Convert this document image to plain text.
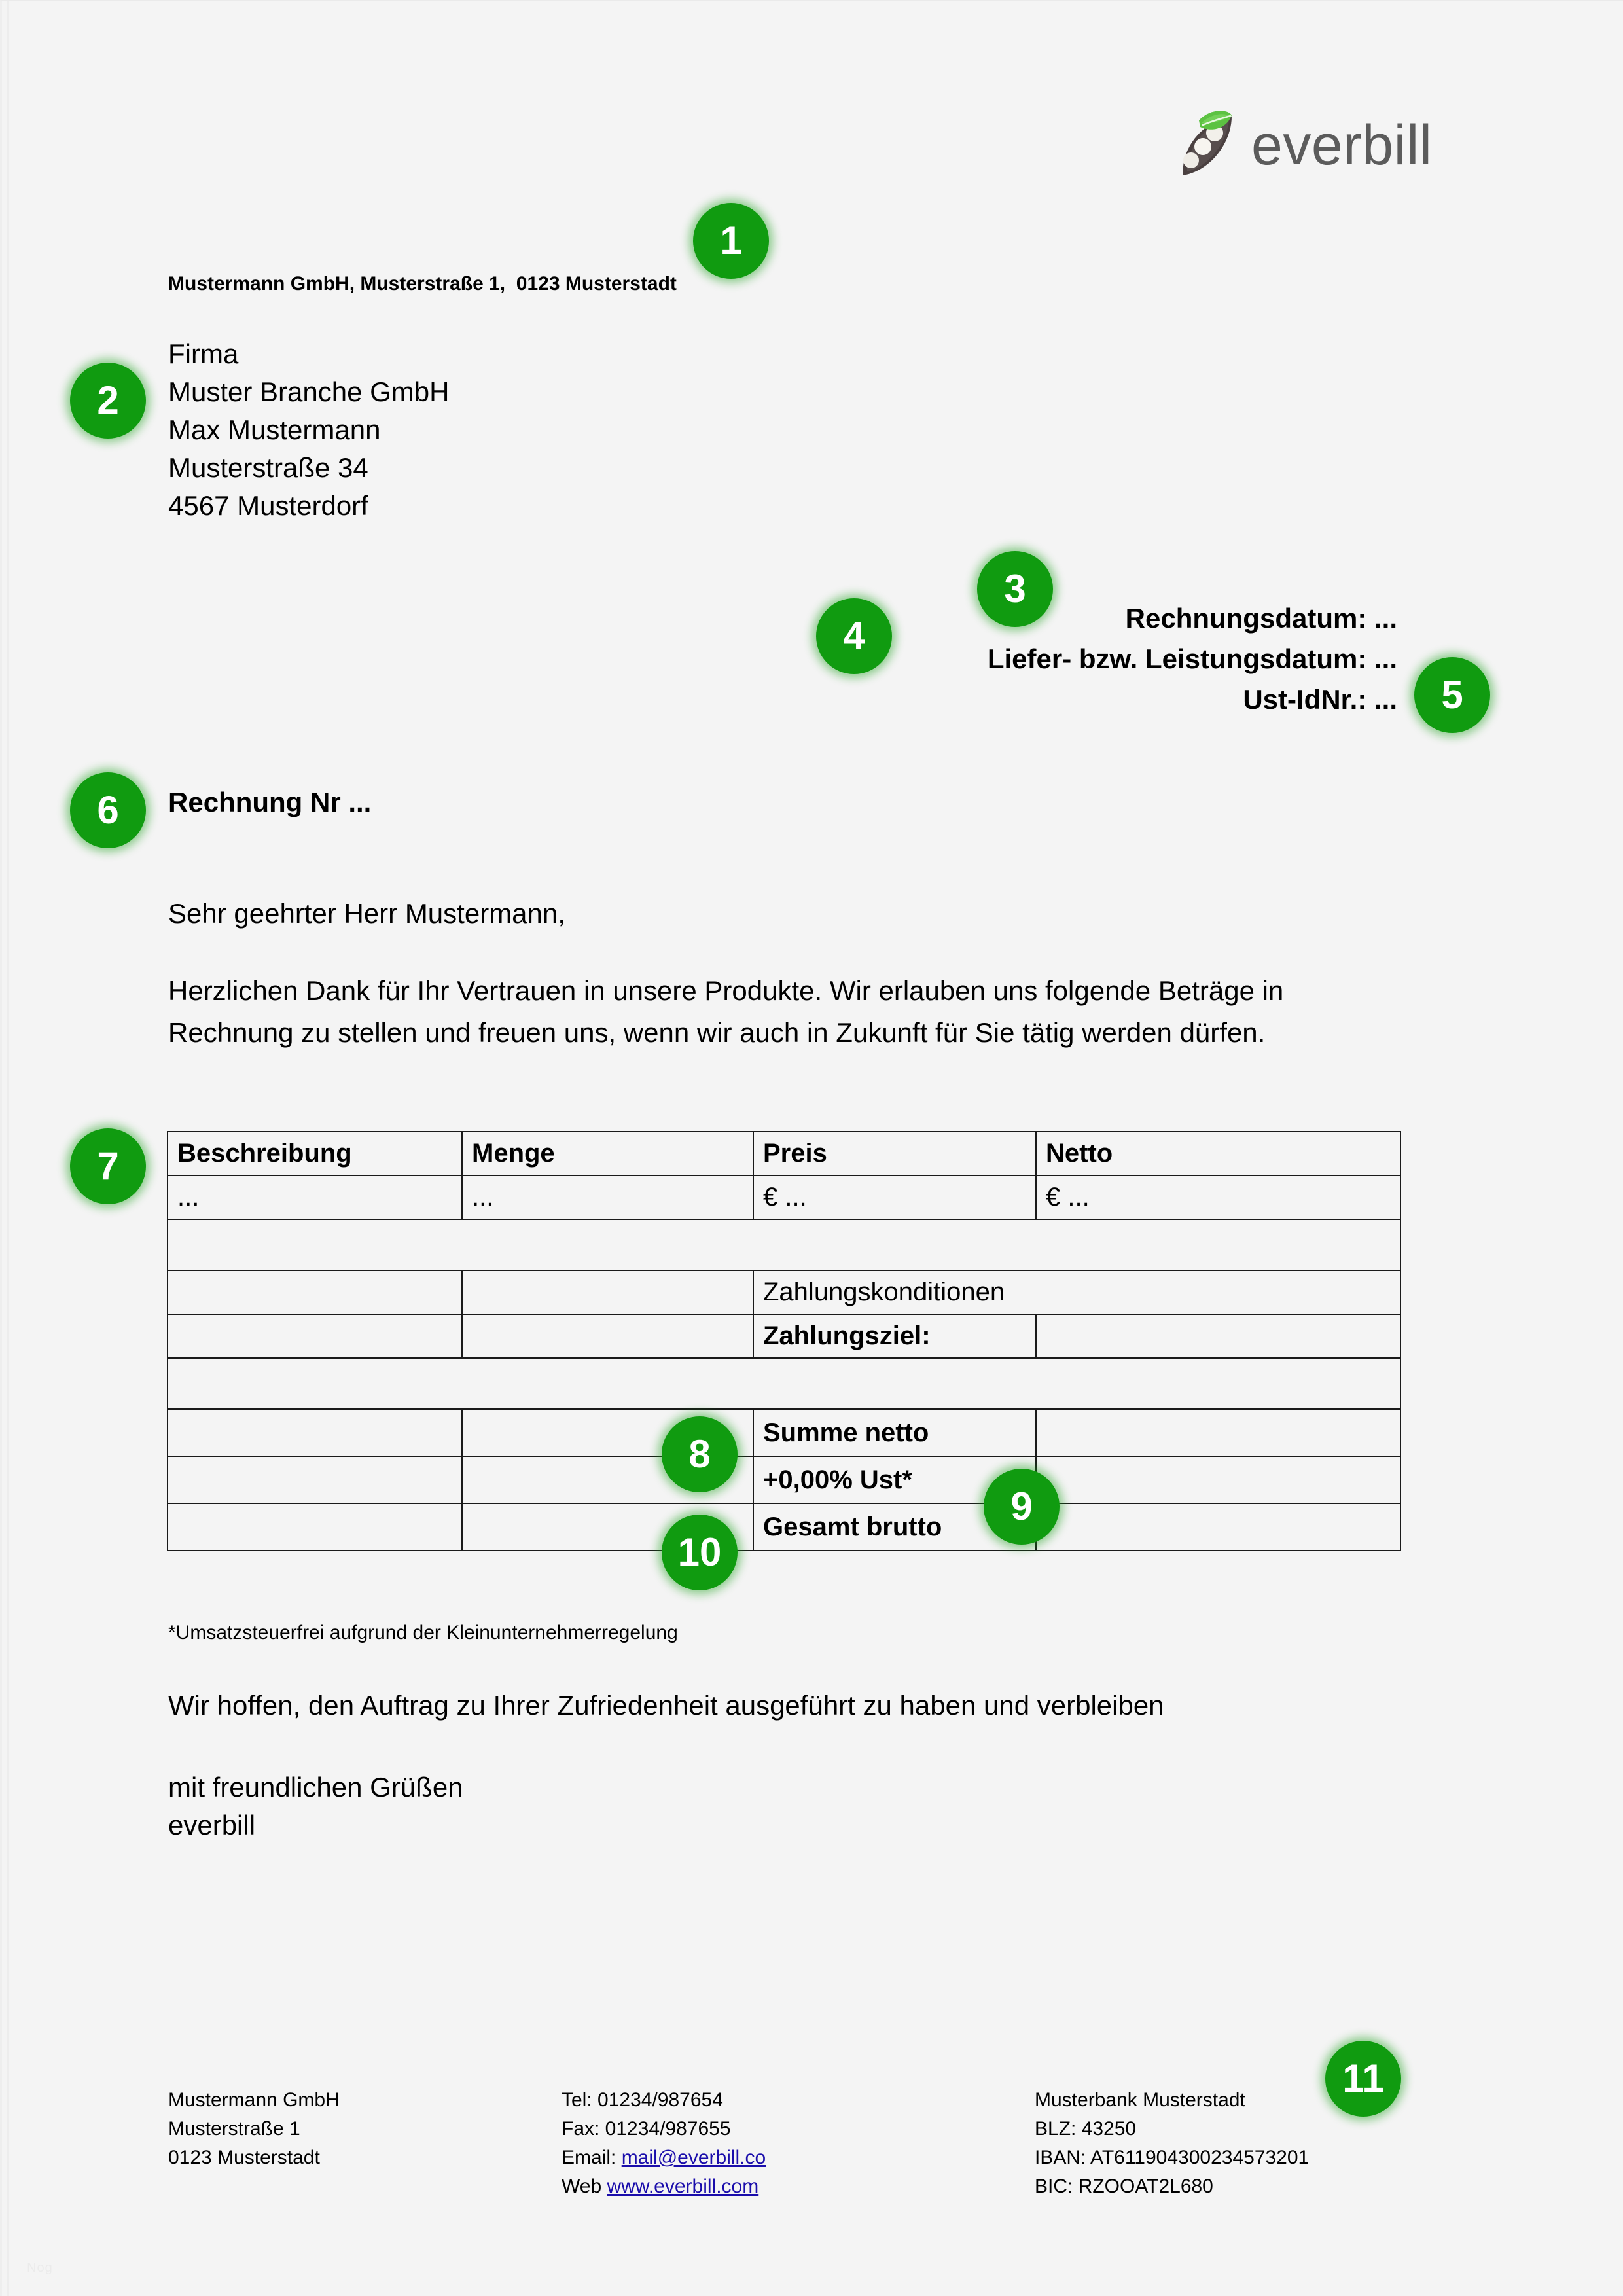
everbill
1
2
3
4
5
6
7
8
9
10
11
Mustermann GmbH, Musterstraße 1,  0123 Musterstadt
Firma
Muster Branche GmbH
Max Mustermann
Musterstraße 34
4567 Musterdorf
Rechnungsdatum: ...
Liefer- bzw. Leistungsdatum: ...
Ust-IdNr.: ...
Rechnung Nr ...
Sehr geehrter Herr Mustermann,
Herzlichen Dank für Ihr Vertrauen in unsere Produkte. Wir erlauben uns folgende Beträge in Rechnung zu stellen und freuen uns, wenn wir auch in Zukunft für Sie tätig werden dürfen.
Beschreibung	Menge	Preis	Netto
...	...	€ ...	€ ...

		Zahlungskonditionen	
		Zahlungsziel:	

		Summe netto	
		+0,00% Ust*	
		Gesamt brutto	
*Umsatzsteuerfrei aufgrund der Kleinunternehmerregelung
Wir hoffen, den Auftrag zu Ihrer Zufriedenheit ausgeführt zu haben und verbleiben
mit freundlichen Grüßen
everbill
Mustermann GmbH
Musterstraße 1
0123 Musterstadt
Tel: 01234/987654
Fax: 01234/987655
Email: mail@everbill.co
Web www.everbill.com
Musterbank Musterstadt
BLZ: 43250
IBAN: AT611904300234573201
BIC: RZOOAT2L680
Nog
